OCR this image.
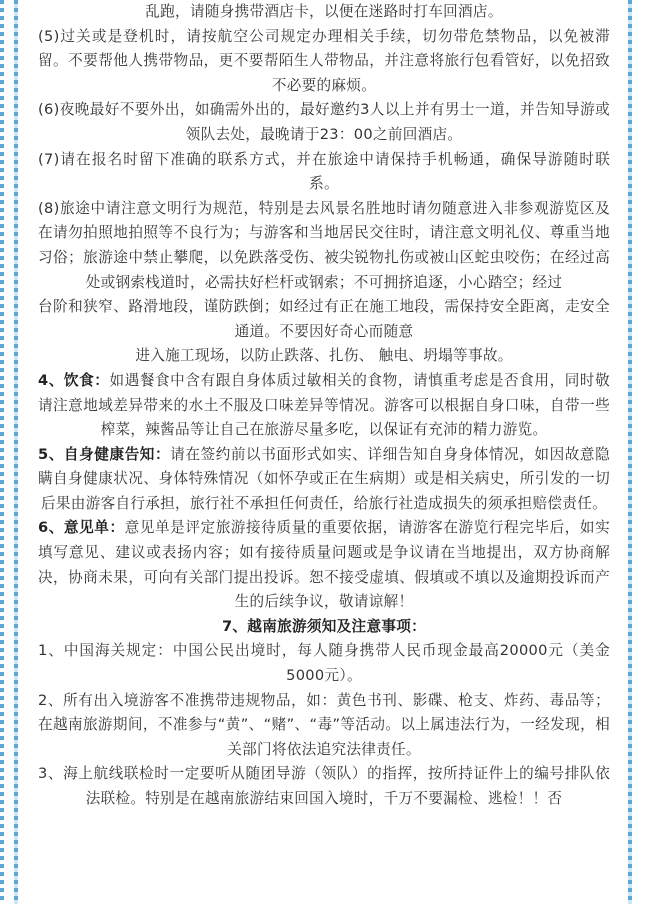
乱跑，请随身携带酒店卡，以便在迷路时打车回酒店。

(5)过关或是登机时，请按航空公司规定办理相关手续，切勿带危禁物品，以免被滞留。不要帮他人携带物品，更不要帮陌生人带物品，并注意将旅行包看管好，以免招致不必要的麻烦。

(6)夜晚最好不要外出，如确需外出的，最好邀约3人以上并有男士一道，并告知导游或领队去处，最晚请于23：00之前回酒店。

(7)请在报名时留下准确的联系方式，并在旅途中请保持手机畅通，确保导游随时联系。

(8)旅途中请注意文明行为规范，特别是去风景名胜地时请勿随意进入非参观游览区及在请勿拍照地拍照等不良行为；与游客和当地居民交往时，请注意文明礼仪、尊重当地习俗；旅游途中禁止攀爬，以免跌落受伤、被尖锐物扎伤或被山区蛇虫咬伤；在经过高处或钢索栈道时，必需扶好栏杆或钢索；不可拥挤追逐，小心踏空；经过

台阶和狭窄、路滑地段，谨防跌倒；如经过有正在施工地段，需保持安全距离，走安全通道。不要因好奇心而随意

进入施工现场，以防止跌落、扎伤、 触电、坍塌等事故。

4、饮食：如遇餐食中含有跟自身体质过敏相关的食物，请慎重考虑是否食用，同时敬请注意地域差异带来的水土不服及口味差异等情况。游客可以根据自身口味，自带一些榨菜，辣酱品等让自己在旅游尽量多吃，以保证有充沛的精力游览。

5、自身健康告知：请在签约前以书面形式如实、详细告知自身身体情况，如因故意隐瞒自身健康状况、身体特殊情况（如怀孕或正在生病期）或是相关病史，所引发的一切后果由游客自行承担，旅行社不承担任何责任，给旅行社造成损失的须承担赔偿责任。

6、意见单：意见单是评定旅游接待质量的重要依据，请游客在游览行程完毕后，如实填写意见、建议或表扬内容；如有接待质量问题或是争议请在当地提出，双方协商解决，协商未果，可向有关部门提出投诉。恕不接受虚填、假填或不填以及逾期投诉而产生的后续争议，敬请谅解！

7、越南旅游须知及注意事项：

1、中国海关规定：中国公民出境时，每人随身携带人民币现金最高20000元（美金5000元）。

2、所有出入境游客不准携带违规物品，如：黄色书刊、影碟、枪支、炸药、毒品等；在越南旅游期间，不准参与“黄”、“赌”、“毒”等活动。以上属违法行为，一经发现，相关部门将依法追究法律责任。

3、海上航线联检时一定要听从随团导游（领队）的指挥，按所持证件上的编号排队依法联检。特别是在越南旅游结束回国入境时，千万不要漏检、逃检！！否
